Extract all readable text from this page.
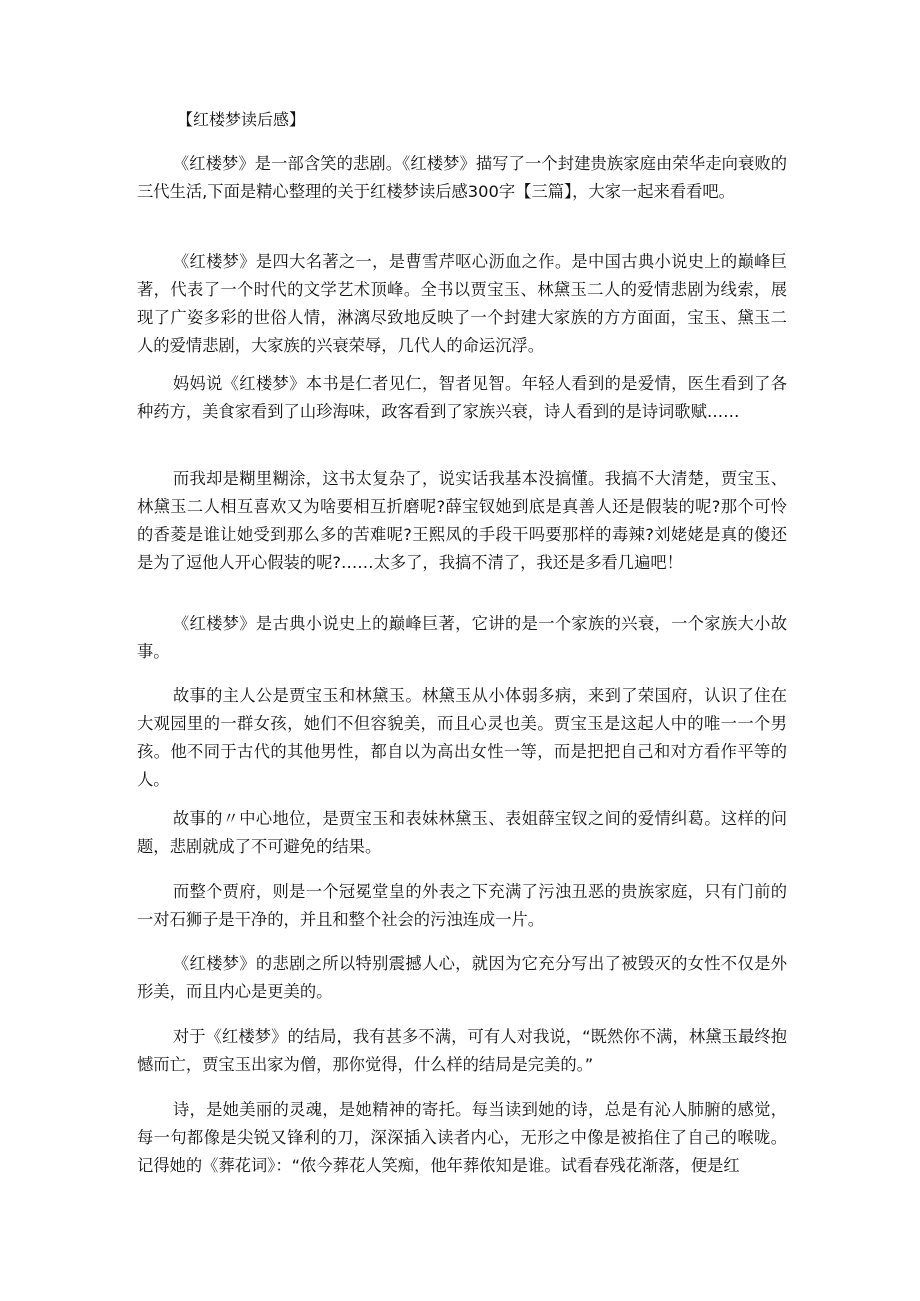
【红楼梦读后感】

《红楼梦》是一部含笑的悲剧。《红楼梦》描写了一个封建贵族家庭由荣华走向衰败的三代生活,下面是精心整理的关于红楼梦读后感300字【三篇】，大家一起来看看吧。

《红楼梦》是四大名著之一，是曹雪芹呕心沥血之作。是中国古典小说史上的巅峰巨著，代表了一个时代的文学艺术顶峰。全书以贾宝玉、林黛玉二人的爱情悲剧为线索，展现了广姿多彩的世俗人情，淋漓尽致地反映了一个封建大家族的方方面面，宝玉、黛玉二人的爱情悲剧，大家族的兴衰荣辱，几代人的命运沉浮。

妈妈说《红楼梦》本书是仁者见仁，智者见智。年轻人看到的是爱情，医生看到了各种药方，美食家看到了山珍海味，政客看到了家族兴衰，诗人看到的是诗词歌赋……

而我却是糊里糊涂，这书太复杂了，说实话我基本没搞懂。我搞不大清楚，贾宝玉、林黛玉二人相互喜欢又为啥要相互折磨呢?薛宝钗她到底是真善人还是假装的呢?那个可怜的香菱是谁让她受到那么多的苦难呢?王熙凤的手段干吗要那样的毒辣?刘姥姥是真的傻还是为了逗他人开心假装的呢?……太多了，我搞不清了，我还是多看几遍吧！

《红楼梦》是古典小说史上的巅峰巨著，它讲的是一个家族的兴衰，一个家族大小故事。

故事的主人公是贾宝玉和林黛玉。林黛玉从小体弱多病，来到了荣国府，认识了住在大观园里的一群女孩，她们不但容貌美，而且心灵也美。贾宝玉是这起人中的唯一一个男孩。他不同于古代的其他男性，都自以为高出女性一等，而是把把自己和对方看作平等的人。

故事的〃中心地位，是贾宝玉和表妹林黛玉、表姐薛宝钗之间的爱情纠葛。这样的问题，悲剧就成了不可避免的结果。

而整个贾府，则是一个冠冕堂皇的外表之下充满了污浊丑恶的贵族家庭，只有门前的一对石狮子是干净的，并且和整个社会的污浊连成一片。

《红楼梦》的悲剧之所以特别震撼人心，就因为它充分写出了被毁灭的女性不仅是外形美，而且内心是更美的。

对于《红楼梦》的结局，我有甚多不满，可有人对我说，“既然你不满，林黛玉最终抱憾而亡，贾宝玉出家为僧，那你觉得，什么样的结局是完美的。”

诗，是她美丽的灵魂，是她精神的寄托。每当读到她的诗，总是有沁人肺腑的感觉，每一句都像是尖锐又锋利的刀，深深插入读者内心，无形之中像是被掐住了自己的喉咙。记得她的《葬花词》：“侬今葬花人笑痴，他年葬侬知是谁。试看春残花渐落，便是红
